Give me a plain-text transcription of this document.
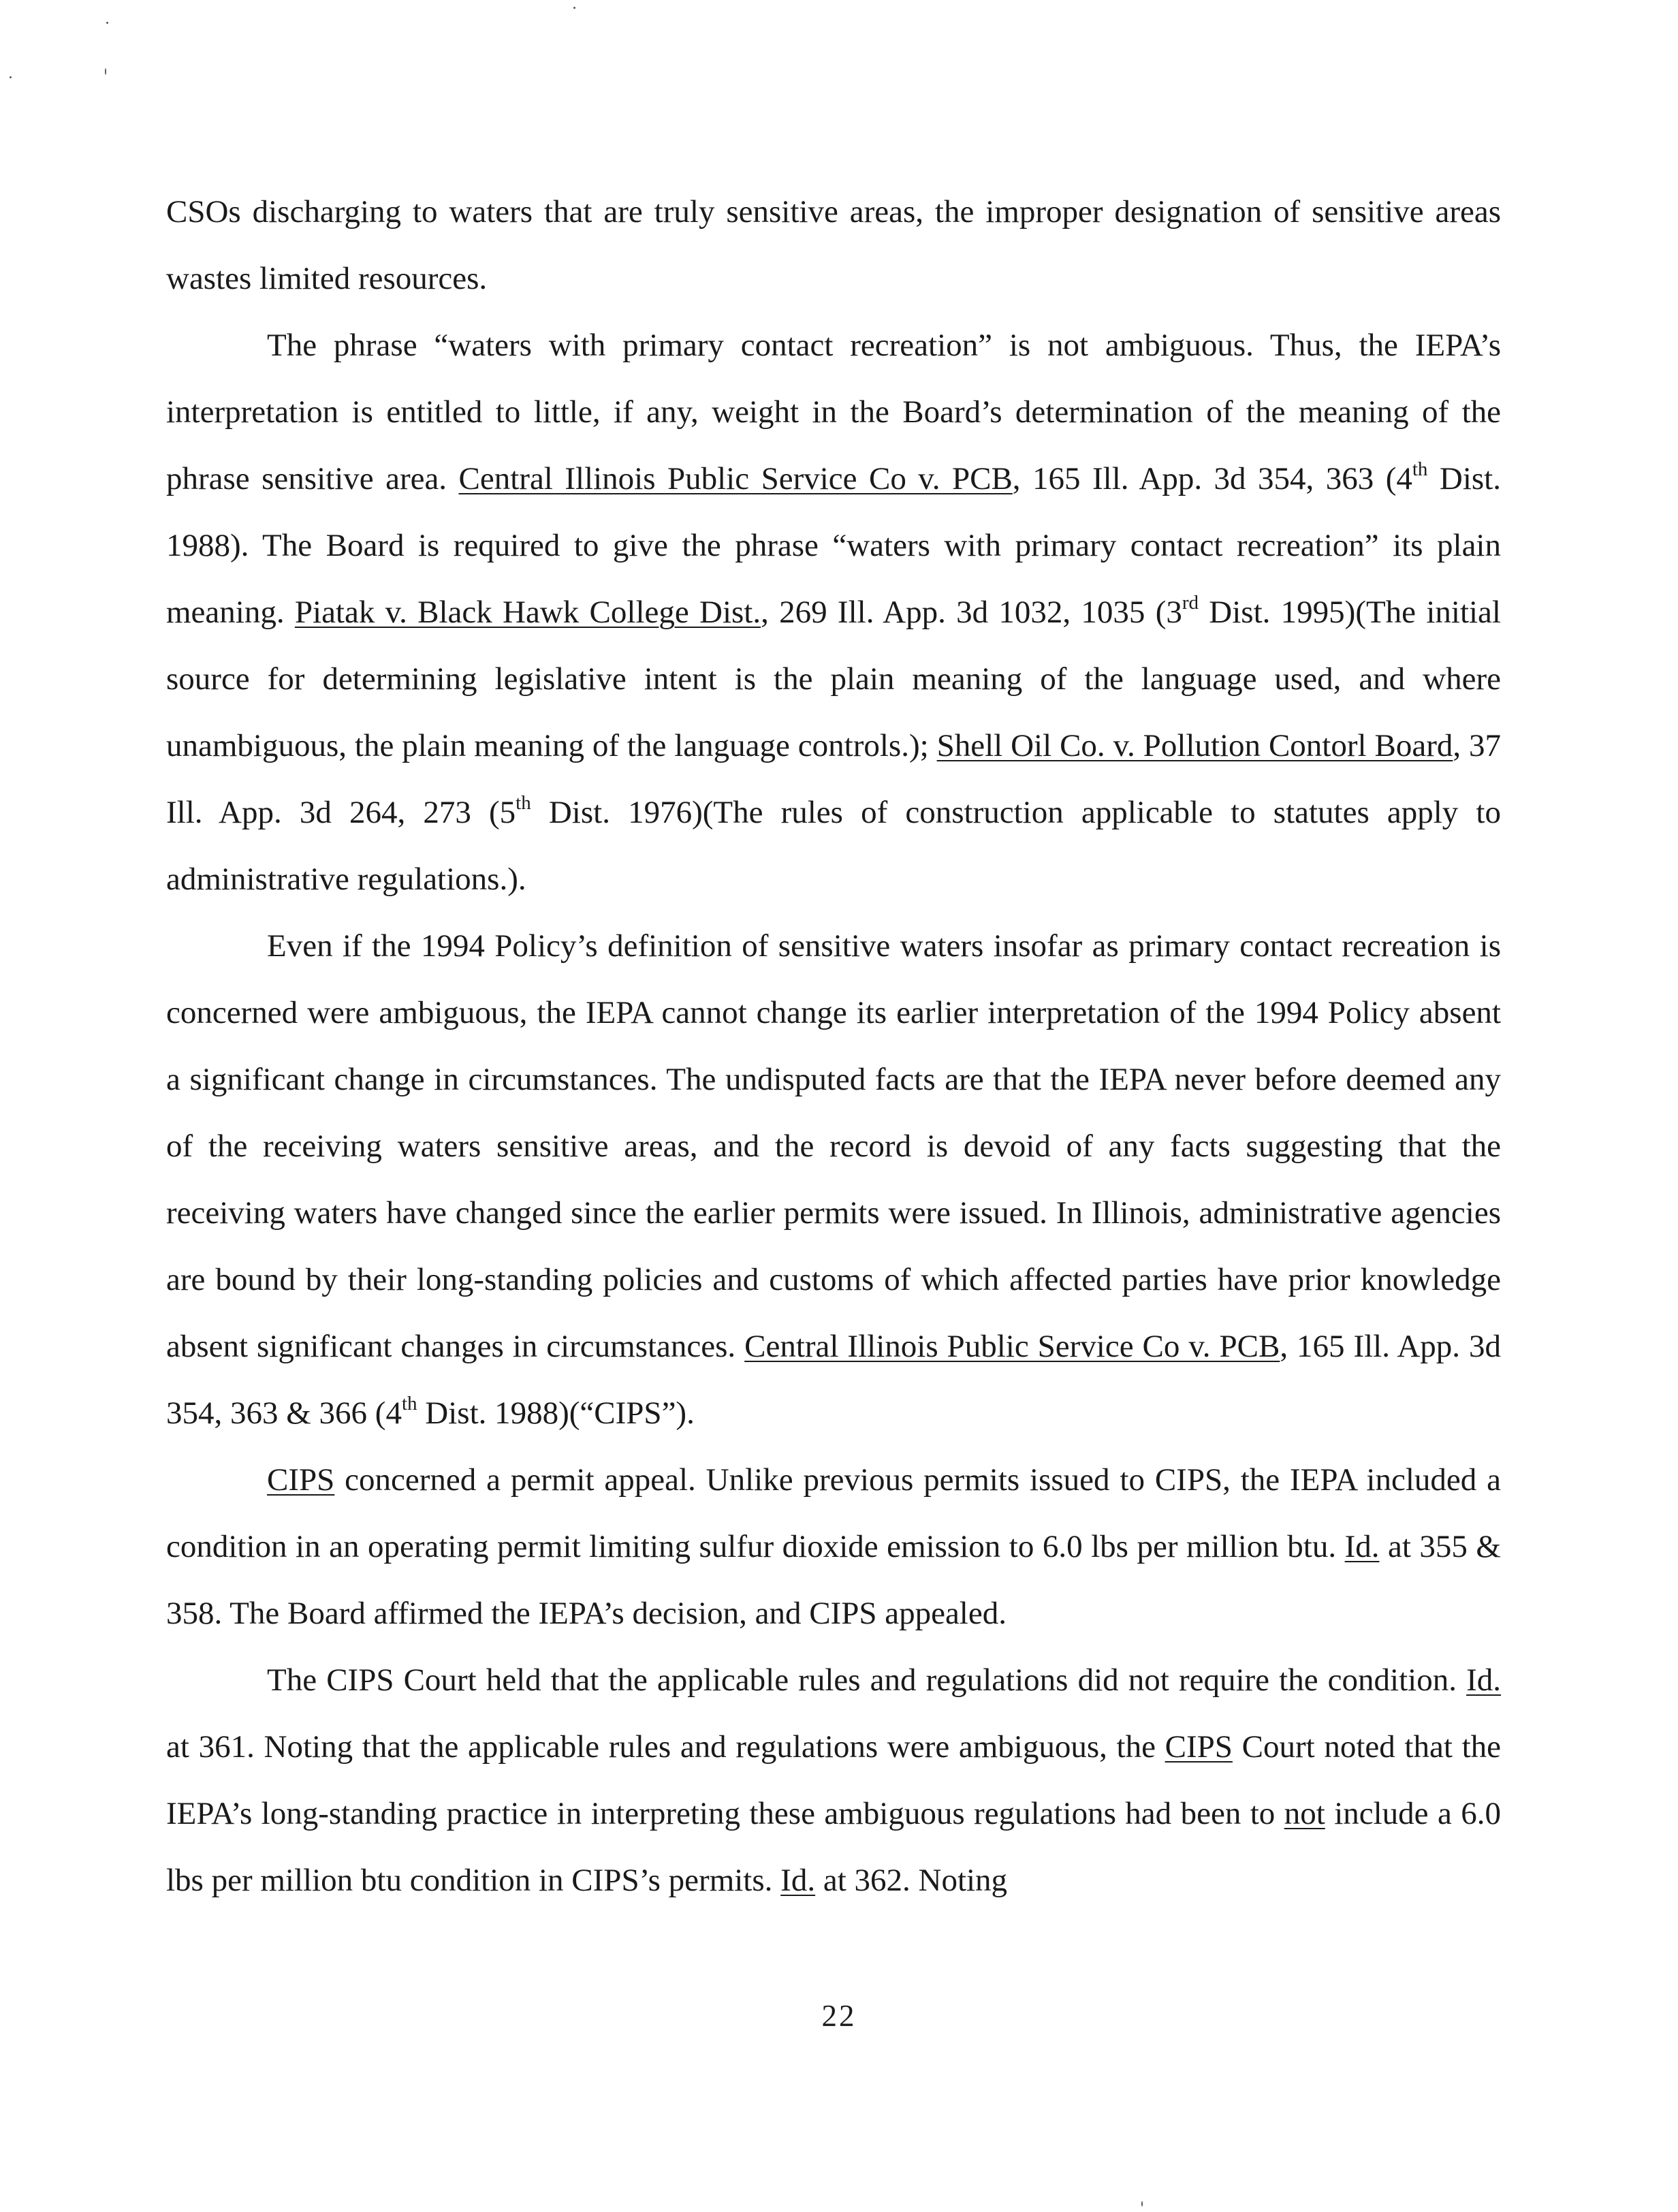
CSOs discharging to waters that are truly sensitive areas, the improper designation of sensitive areas wastes limited resources.

The phrase “waters with primary contact recreation” is not ambiguous. Thus, the IEPA’s interpretation is entitled to little, if any, weight in the Board’s determination of the meaning of the phrase sensitive area. Central Illinois Public Service Co v. PCB, 165 Ill. App. 3d 354, 363 (4th Dist. 1988). The Board is required to give the phrase “waters with primary contact recreation” its plain meaning. Piatak v. Black Hawk College Dist., 269 Ill. App. 3d 1032, 1035 (3rd Dist. 1995)(The initial source for determining legislative intent is the plain meaning of the language used, and where unambiguous, the plain meaning of the language controls.); Shell Oil Co. v. Pollution Contorl Board, 37 Ill. App. 3d 264, 273 (5th Dist. 1976)(The rules of construction applicable to statutes apply to administrative regulations.).

Even if the 1994 Policy’s definition of sensitive waters insofar as primary contact recreation is concerned were ambiguous, the IEPA cannot change its earlier interpretation of the 1994 Policy absent a significant change in circumstances. The undisputed facts are that the IEPA never before deemed any of the receiving waters sensitive areas, and the record is devoid of any facts suggesting that the receiving waters have changed since the earlier permits were issued. In Illinois, administrative agencies are bound by their long-standing policies and customs of which affected parties have prior knowledge absent significant changes in circumstances. Central Illinois Public Service Co v. PCB, 165 Ill. App. 3d 354, 363 & 366 (4th Dist. 1988)(“CIPS”).

CIPS concerned a permit appeal. Unlike previous permits issued to CIPS, the IEPA included a condition in an operating permit limiting sulfur dioxide emission to 6.0 lbs per million btu. Id. at 355 & 358. The Board affirmed the IEPA’s decision, and CIPS appealed.

The CIPS Court held that the applicable rules and regulations did not require the condition. Id. at 361. Noting that the applicable rules and regulations were ambiguous, the CIPS Court noted that the IEPA’s long-standing practice in interpreting these ambiguous regulations had been to not include a 6.0 lbs per million btu condition in CIPS’s permits. Id. at 362. Noting

22
